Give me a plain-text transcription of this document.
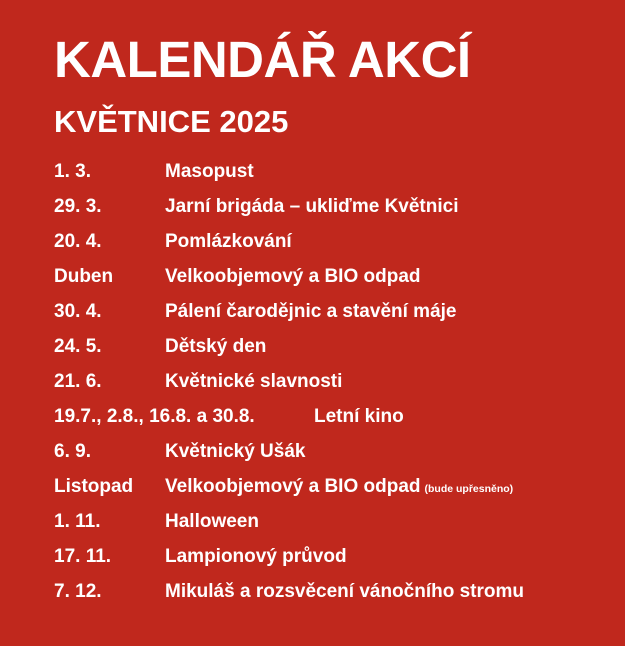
KALENDÁŘ AKCÍ
KVĚTNICE 2025
1. 3.	Masopust
29. 3.	Jarní brigáda – ukliďme Květnici
20. 4.	Pomlázkování
Duben	Velkoobjemový a BIO odpad
30. 4.	Pálení čarodějnic a stavění máje
24. 5.	Dětský den
21. 6.	Květnické slavnosti
19.7., 2.8., 16.8. a 30.8.	Letní kino
6. 9.	Květnický Ušák
Listopad Velkoobjemový a BIO odpad (bude upřesněno)
1. 11.	Halloween
17. 11.	Lampionový průvod
7. 12.	Mikuláš a rozsvěcení vánočního stromu
